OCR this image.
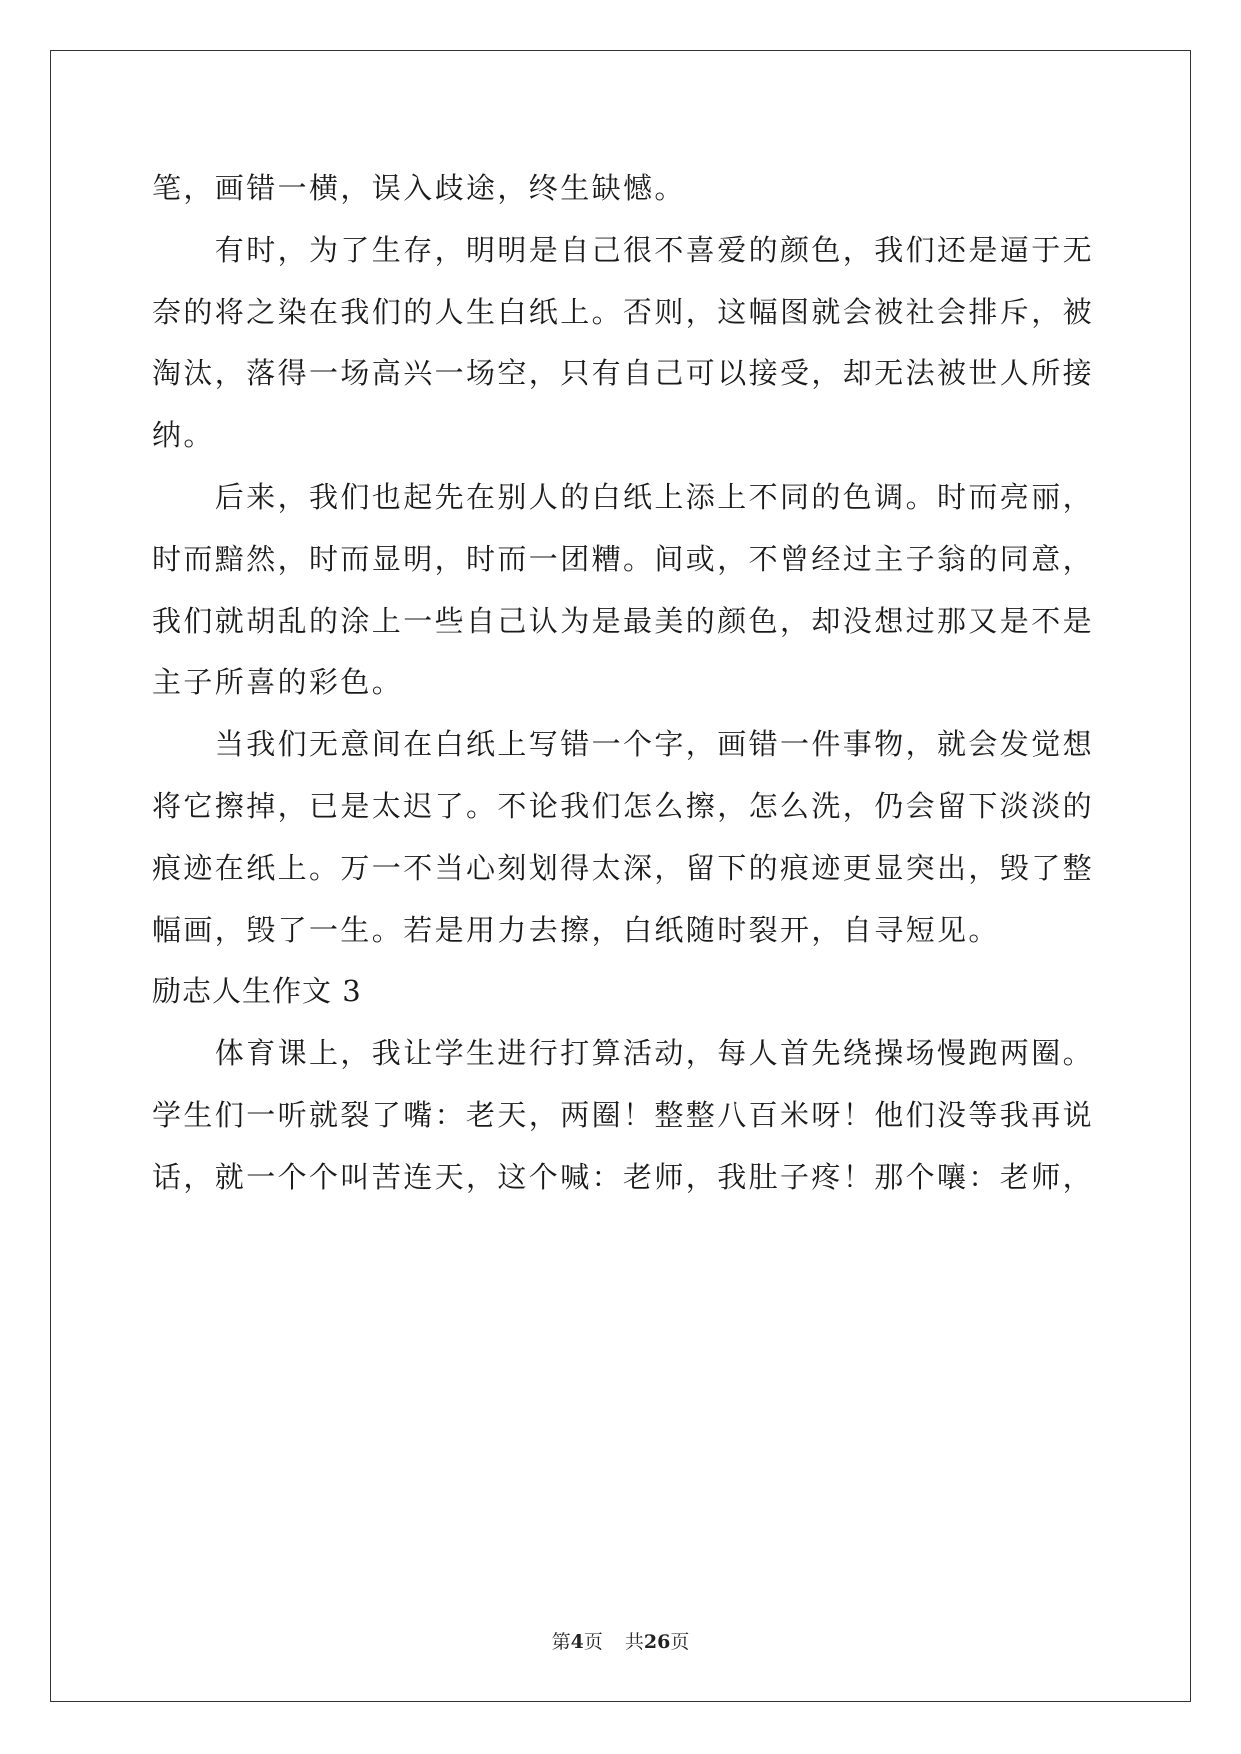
笔，画错一横，误入歧途，终生缺憾。
　　有时，为了生存，明明是自己很不喜爱的颜色，我们还是逼于无
奈的将之染在我们的人生白纸上。否则，这幅图就会被社会排斥，被
淘汰，落得一场高兴一场空，只有自己可以接受，却无法被世人所接
纳。
　　后来，我们也起先在别人的白纸上添上不同的色调。时而亮丽，
时而黯然，时而显明，时而一团糟。间或，不曾经过主子翁的同意，
我们就胡乱的涂上一些自己认为是最美的颜色，却没想过那又是不是
主子所喜的彩色。
　　当我们无意间在白纸上写错一个字，画错一件事物，就会发觉想
将它擦掉，已是太迟了。不论我们怎么擦，怎么洗，仍会留下淡淡的
痕迹在纸上。万一不当心刻划得太深，留下的痕迹更显突出，毁了整
幅画，毁了一生。若是用力去擦，白纸随时裂开，自寻短见。
励志人生作文 3
　　体育课上，我让学生进行打算活动，每人首先绕操场慢跑两圈。
学生们一听就裂了嘴：老天，两圈！整整八百米呀！他们没等我再说
话，就一个个叫苦连天，这个喊：老师，我肚子疼！那个嚷：老师，
第4页 共26页
